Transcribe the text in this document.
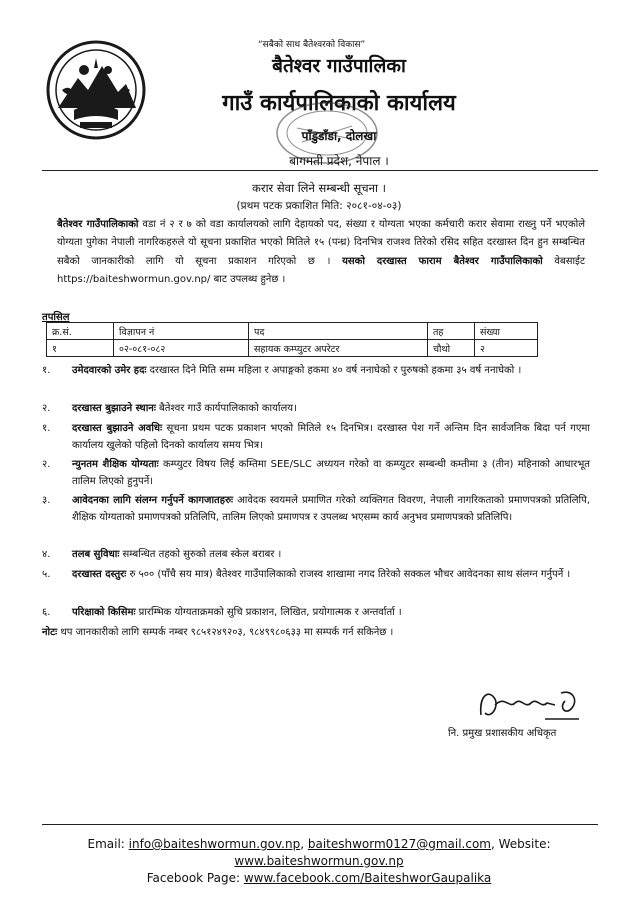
“सबैको साथ बैतेश्वरको विकास”
बैतेश्वर गाउँपालिका
गाउँ कार्यपालिकाको कार्यालय
पाँडुडाँडा, दोलखा
बागमती प्रदेश, नेपाल ।
करार सेवा लिने सम्बन्धी सूचना ।
(प्रथम पटक प्रकाशित मिति: २०८१-०४-०३)
बैतेश्वर गाउँपालिकाको वडा नं २ र ७ को वडा कार्यालयको लागि देहायको पद, संख्या र योग्यता भएका कर्मचारी करार सेवामा राख्नु पर्ने भएकोले योग्यता पुगेका नेपाली नागरिकहरुले यो सूचना प्रकाशित भएको मितिले १५ (पन्ध्र) दिनभित्र राजश्व तिरेको रसिद सहित दरखास्त दिन हुन सम्बन्धित सबैको जानकारीको लागि यो सूचना प्रकाशन गरिएको छ । यसको दरखास्त फाराम बैतेश्वर गाउँपालिकाको वेबसाईट https://baiteshwormun.gov.np/ बाट उपलब्ध हुनेछ ।
तपसिल
क्र.सं.	विज्ञापन नं	पद	तह	संख्या
१	०२-०८१-०८२	सहायक कम्प्युटर अपरेटर	चौथो	२
१.	उमेदवारको उमेर हदः दरखास्त दिने मिति सम्म महिला र अपाङ्गको हकमा ४० वर्ष ननाघेको र पुरुषको हकमा ३५ वर्ष ननाघेको ।
२.	दरखास्त बुझाउने स्थानः बैतेश्वर गाउँ कार्यपालिकाको कार्यालय।
१.	दरखास्त बुझाउने अवधिः सूचना प्रथम पटक प्रकाशन भएको मितिले १५ दिनभित्र। दरखास्त पेश गर्ने अन्तिम दिन सार्वजनिक बिदा पर्न गएमा कार्यालय खुलेको पहिलो दिनको कार्यालय समय भित्र।
२.	न्युनतम शैक्षिक योग्यताः कम्प्युटर विषय लिई कम्तिमा SEE/SLC अध्ययन गरेको वा कम्प्युटर सम्बन्धी कम्तीमा ३ (तीन) महिनाको आधारभूत तालिम लिएको हुनुपर्ने।
३.	आवेदनका लागि संलग्न गर्नुपर्ने कागजातहरुः आवेदक स्वयमले प्रमाणित गरेको व्यक्तिगत विवरण, नेपाली नागरिकताको प्रमाणपत्रको प्रतिलिपि, शैक्षिक योग्यताको प्रमाणपत्रको प्रतिलिपि, तालिम लिएको प्रमाणपत्र र उपलब्ध भएसम्म कार्य अनुभव प्रमाणपत्रको प्रतिलिपि।
४.	तलब सुविधाः सम्बन्धित तहको सुरुको तलब स्केल बराबर ।
५.	दरखास्त दस्तुरः रु ५०० (पाँचै सय मात्र) बैतेश्वर गाउँपालिकाको राजस्व शाखामा नगद तिरेको सक्कल भौचर आवेदनका साथ संलग्न गर्नुपर्ने ।
६.	परिक्षाको किसिमः प्रारम्भिक योग्यताक्रमको सुचि प्रकाशन, लिखित, प्रयोगात्मक र अन्तर्वार्ता ।
नोटः थप जानकारीको लागि सम्पर्क नम्बर ९८५१२४९२०३, ९८४९९८०६३३ मा सम्पर्क गर्न सकिनेछ ।
नि. प्रमुख प्रशासकीय अधिकृत
Email: info@baiteshwormun.gov.np, baiteshworm0127@gmail.com, Website:
www.baiteshwormun.gov.np
Facebook Page: www.facebook.com/BaiteshworGaupalika
